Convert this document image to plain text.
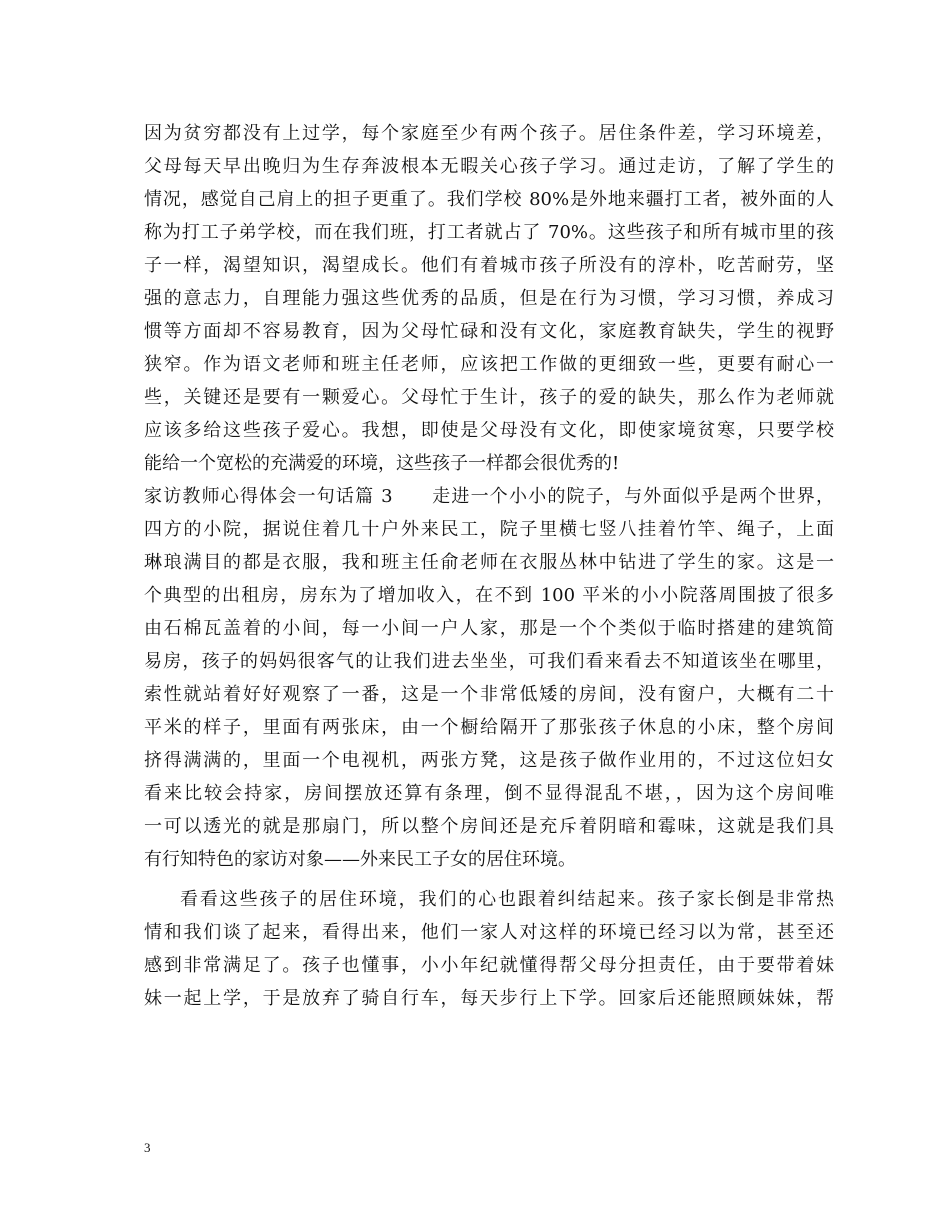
因为贫穷都没有上过学，每个家庭至少有两个孩子。居住条件差，学习环境差，
父母每天早出晚归为生存奔波根本无暇关心孩子学习。通过走访，了解了学生的
情况，感觉自己肩上的担子更重了。我们学校 80%是外地来疆打工者，被外面的人
称为打工子弟学校，而在我们班，打工者就占了 70%。这些孩子和所有城市里的孩
子一样，渴望知识，渴望成长。他们有着城市孩子所没有的淳朴，吃苦耐劳，坚
强的意志力，自理能力强这些优秀的品质，但是在行为习惯，学习习惯，养成习
惯等方面却不容易教育，因为父母忙碌和没有文化，家庭教育缺失，学生的视野
狭窄。作为语文老师和班主任老师，应该把工作做的更细致一些，更要有耐心一
些，关键还是要有一颗爱心。父母忙于生计，孩子的爱的缺失，那么作为老师就
应该多给这些孩子爱心。我想，即使是父母没有文化，即使家境贫寒，只要学校
能给一个宽松的充满爱的环境，这些孩子一样都会很优秀的!
家访教师心得体会一句话篇 3　　走进一个小小的院子，与外面似乎是两个世界，
四方的小院，据说住着几十户外来民工，院子里横七竖八挂着竹竿、绳子，上面
琳琅满目的都是衣服，我和班主任俞老师在衣服丛林中钻进了学生的家。这是一
个典型的出租房，房东为了增加收入，在不到 100 平米的小小院落周围披了很多
由石棉瓦盖着的小间，每一小间一户人家，那是一个个类似于临时搭建的建筑简
易房，孩子的妈妈很客气的让我们进去坐坐，可我们看来看去不知道该坐在哪里，
索性就站着好好观察了一番，这是一个非常低矮的房间，没有窗户，大概有二十
平米的样子，里面有两张床，由一个橱给隔开了那张孩子休息的小床，整个房间
挤得满满的，里面一个电视机，两张方凳，这是孩子做作业用的，不过这位妇女
看来比较会持家，房间摆放还算有条理，倒不显得混乱不堪，，因为这个房间唯
一可以透光的就是那扇门，所以整个房间还是充斥着阴暗和霉味，这就是我们具
有行知特色的家访对象——外来民工子女的居住环境。
看看这些孩子的居住环境，我们的心也跟着纠结起来。孩子家长倒是非常热
情和我们谈了起来，看得出来，他们一家人对这样的环境已经习以为常，甚至还
感到非常满足了。孩子也懂事，小小年纪就懂得帮父母分担责任，由于要带着妹
妹一起上学，于是放弃了骑自行车，每天步行上下学。回家后还能照顾妹妹，帮
3
